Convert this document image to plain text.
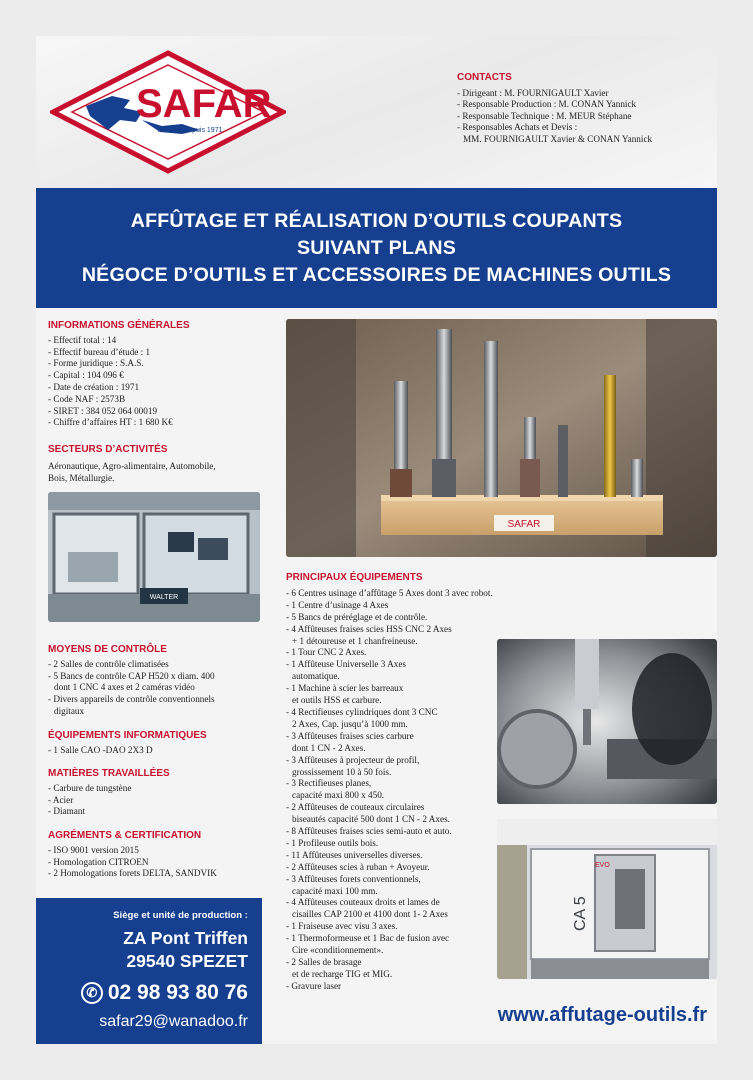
SAFAR
Affûteur depuis 1971
CONTACTS
- Dirigeant : M. FOURNIGAULT Xavier
- Responsable Production : M. CONAN Yannick
- Responsable Technique : M. MEUR Stéphane
- Responsables Achats et Devis :
MM. FOURNIGAULT Xavier & CONAN Yannick
AFFÛTAGE ET RÉALISATION D’OUTILS COUPANTS
SUIVANT PLANS
NÉGOCE D’OUTILS ET ACCESSOIRES DE MACHINES OUTILS
INFORMATIONS GÉNÉRALES
- Effectif total : 14
- Effectif bureau d’étude : 1
- Forme juridique : S.A.S.
- Capital : 104 096 €
- Date de création : 1971
- Code NAF : 2573B
- SIRET : 384 052 064 00019
- Chiffre d’affaires HT : 1 680 K€
SECTEURS D’ACTIVITÉS
Aéronautique, Agro-alimentaire, Automobile,
Bois, Métallurgie.
WALTER
MOYENS DE CONTRÔLE
- 2 Salles de contrôle climatisées
- 5 Bancs de contrôle CAP H520 x diam. 400
dont 1 CNC 4 axes et 2 caméras vidéo
- Divers appareils de contrôle conventionnels
digitaux
ÉQUIPEMENTS INFORMATIQUES
- 1 Salle CAO -DAO 2X3 D
MATIÈRES TRAVAILLÉES
- Carbure de tungstène
- Acier
- Diamant
AGRÉMENTS & CERTIFICATION
- ISO 9001 version 2015
- Homologation CITROEN
- 2 Homologations forets DELTA, SANDVIK
SAFAR
PRINCIPAUX ÉQUIPEMENTS
- 6 Centres usinage d’affûtage 5 Axes dont 3 avec robot.
- 1 Centre d’usinage 4 Axes
- 5 Bancs de préréglage et de contrôle.
- 4 Affûteuses fraises scies HSS CNC 2 Axes
+ 1 détoureuse et 1 chanfreineuse.
- 1 Tour CNC 2 Axes.
- 1 Affûteuse Universelle 3 Axes
automatique.
- 1 Machine à scier les barreaux
et outils HSS et carbure.
- 4 Rectifieuses cylindriques dont 3 CNC
2 Axes, Cap. jusqu’à 1000 mm.
- 3 Affûteuses fraises scies carbure
dont 1 CN - 2 Axes.
- 3 Affûteuses à projecteur de profil,
grossissement 10 à 50 fois.
- 3 Rectifieuses planes,
capacité maxi 800 x 450.
- 2 Affûteuses de couteaux circulaires
biseautés capacité 500 dont 1 CN - 2 Axes.
- 8 Affûteuses fraises scies semi-auto et auto.
- 1 Profileuse outils bois.
- 11 Affûteuses universelles diverses.
- 2 Affûteuses scies à ruban + Avoyeur.
- 3 Affûteuses forets conventionnels,
capacité maxi 100 mm.
- 4 Affûteuses couteaux droits et lames de
cisailles CAP 2100 et 4100 dont 1- 2 Axes
- 1 Fraiseuse avec visu 3 axes.
- 1 Thermoformeuse et 1 Bac de fusion avec
Cire «conditionnement».
- 2 Salles de brasage
et de recharge TIG et MIG.
- Gravure laser
CA 5
EVO
Siège et unité de production :
ZA Pont Triffen
29540 SPEZET
✆ 02 98 93 80 76
safar29@wanadoo.fr	www.affutage-outils.fr
